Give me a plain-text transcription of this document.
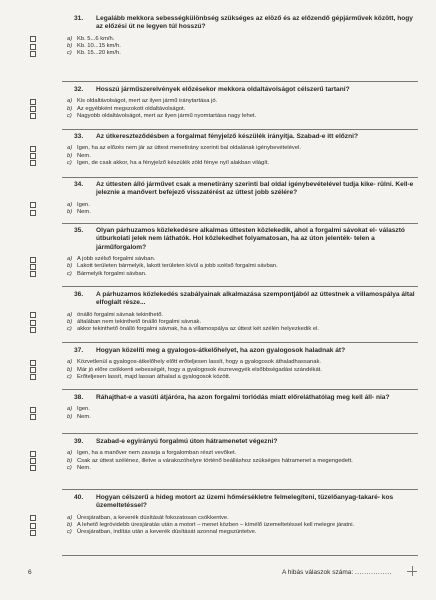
31.	Legalább mekkora sebességkülönbség szükséges az elöző és az előzendő gépjárművek között, hogy az előzési út ne legyen túl hosszú?
a) Kb. 5...6 km/h.
b) Kb. 10...15 km/h.
c) Kb. 15...20 km/h.
32.	Hosszú járműszerelvények előzésekor mekkora oldaltávolságot célszerű tartani?
a) Kis oldaltávolságot, mert az ilyen jármű iránytartása jó.
b) Az egyébként megszokott oldaltávolságot.
c) Nagyobb oldaltávolságot, mert az ilyen jármű nyomtartása nagy lehet.
33.	Az útkereszteződésben a forgalmat fényjelző készülék irányítja. Szabad-e itt előzni?
a) Igen, ha az előzés nem jár az úttest menetirány szerinti bal oldalának igénybevételével.
b) Nem.
c) Igen, de csak akkor, ha a fényjelző készülék zöld fénye nyíl alakban világít.
34.	Az úttesten álló járművet csak a menetirány szerinti bal oldal igénybevételével tudja kike- rülni. Kell-e jeleznie a manővert befejező visszatérést az úttest jobb szélére?
a) Igen.
b) Nem.
35.	Olyan párhuzamos közlekedésre alkalmas úttesten közlekedik, ahol a forgalmi sávokat el- választó útburkolati jelek nem láthatók. Hol közlekedhet folyamatosan, ha az úton jelenték- telen a járműforgalom?
a) A jobb szélső forgalmi sávban.
b) Lakott területen bármelyik, lakott területen kívül a jobb szélső forgalmi sávban.
c) Bármelyik forgalmi sávban.
36.	A párhuzamos közlekedés szabályainak alkalmazása szempontjából az úttestnek a villamospálya által elfoglalt része...
a) önálló forgalmi sávnak tekinthető.
b) általában nem tekinthető önálló forgalmi sávnak.
c) akkor tekinthető önálló forgalmi sávnak, ha a villamospálya az úttest két szélén helyezkedik el.
37.	Hogyan közelíti meg a gyalogos-átkelőhelyet, ha azon gyalogosok haladnak át?
a) Közvetlenül a gyalogos-átkelőhely előtt erőteljesen lassít, hogy a gyalogosok áthaladhassanak.
b) Már jó előre csökkenti sebességét, hogy a gyalogosok észrevegyék elsőbbségadási szándékát.
c) Erőteljesen lassít, majd lassan áthalad a gyalogosok között.
38.	Ráhajthat-e a vasúti átjáróra, ha azon forgalmi torlódás miatt előreláthatólag meg kell áll- nia?
a) Igen.
b) Nem.
39.	Szabad-e egyirányú forgalmú úton hátramenetet végezni?
a) Igen, ha a manőver nem zavarja a forgalomban részt vevőket.
b) Csak az úttest szélénez, illetve a várakozóhelyre történő beálláshoz szükséges hátramenet a megengedett.
c) Nem.
40.	Hogyan célszerű a hideg motort az üzemi hőmérsékletre felmelegíteni, tüzelőanyag-takaré- kos üzemeltetéssel?
a) Üresjáratban, a keverék dúsítását fokozatosan csökkentve.
b) A lehető legrövidebb üresjáratás után a motort – menet közben – kímélő üzemeltetéssel kell melegre járatni.
c) Üresjáratban, indítás után a keverék dúsítását azonnal megszüntetve.
6	A hibás válaszok száma: ................
